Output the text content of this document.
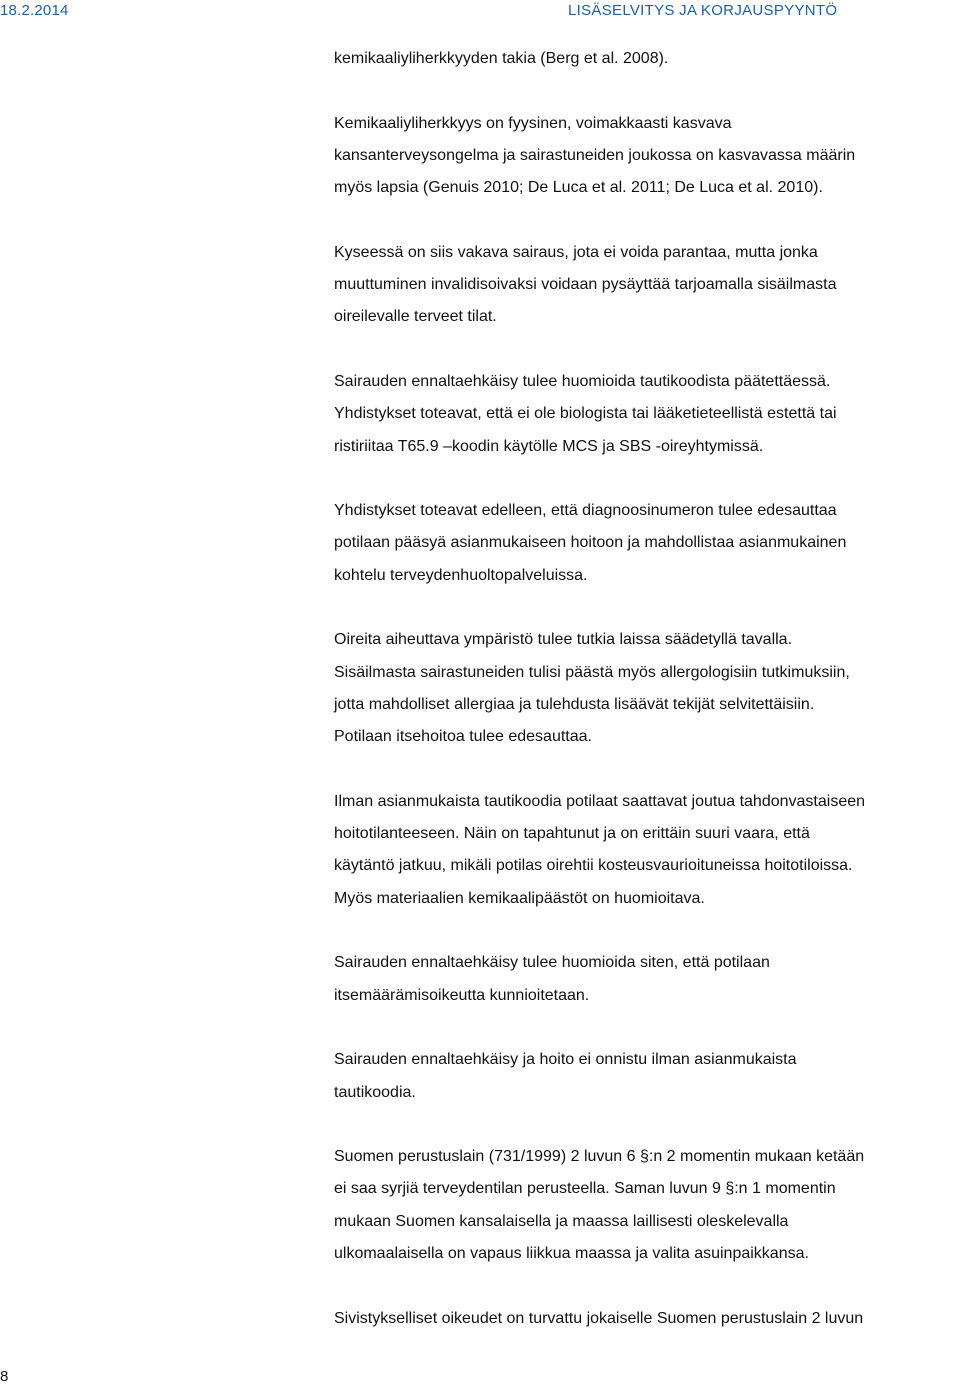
18.2.2014	LISÄSELVITYS JA KORJAUSPYYNTÖ

kemikaaliyliherkkyyden takia (Berg et al. 2008).

Kemikaaliyliherkkyys on fyysinen, voimakkaasti kasvava
kansanterveysongelma ja sairastuneiden joukossa on kasvavassa määrin
myös lapsia (Genuis 2010; De Luca et al. 2011; De Luca et al. 2010).

Kyseessä on siis vakava sairaus, jota ei voida parantaa, mutta jonka
muuttuminen invalidisoivaksi voidaan pysäyttää tarjoamalla sisäilmasta
oireilevalle terveet tilat.

Sairauden ennaltaehkäisy tulee huomioida tautikoodista päätettäessä.
Yhdistykset toteavat, että ei ole biologista tai lääketieteellistä estettä tai
ristiriitaa T65.9 –koodin käytölle MCS ja SBS -oireyhtymissä.

Yhdistykset toteavat edelleen, että diagnoosinumeron tulee edesauttaa
potilaan pääsyä asianmukaiseen hoitoon ja mahdollistaa asianmukainen
kohtelu terveydenhuoltopalveluissa.

Oireita aiheuttava ympäristö tulee tutkia laissa säädetyllä tavalla.
Sisäilmasta sairastuneiden tulisi päästä myös allergologisiin tutkimuksiin,
jotta mahdolliset allergiaa ja tulehdusta lisäävät tekijät selvitettäisiin.
Potilaan itsehoitoa tulee edesauttaa.

Ilman asianmukaista tautikoodia potilaat saattavat joutua tahdonvastaiseen
hoitotilanteeseen. Näin on tapahtunut ja on erittäin suuri vaara, että
käytäntö jatkuu, mikäli potilas oirehtii kosteusvaurioituneissa hoitotiloissa.
Myös materiaalien kemikaalipäästöt on huomioitava.

Sairauden ennaltaehkäisy tulee huomioida siten, että potilaan
itsemäärämisoikeutta kunnioitetaan.

Sairauden ennaltaehkäisy ja hoito ei onnistu ilman asianmukaista
tautikoodia.

Suomen perustuslain (731/1999) 2 luvun 6 §:n 2 momentin mukaan ketään
ei saa syrjiä terveydentilan perusteella. Saman luvun 9 §:n 1 momentin
mukaan Suomen kansalaisella ja maassa laillisesti oleskelevalla
ulkomaalaisella on vapaus liikkua maassa ja valita asuinpaikkansa.

Sivistykselliset oikeudet on turvattu jokaiselle Suomen perustuslain 2 luvun

8
